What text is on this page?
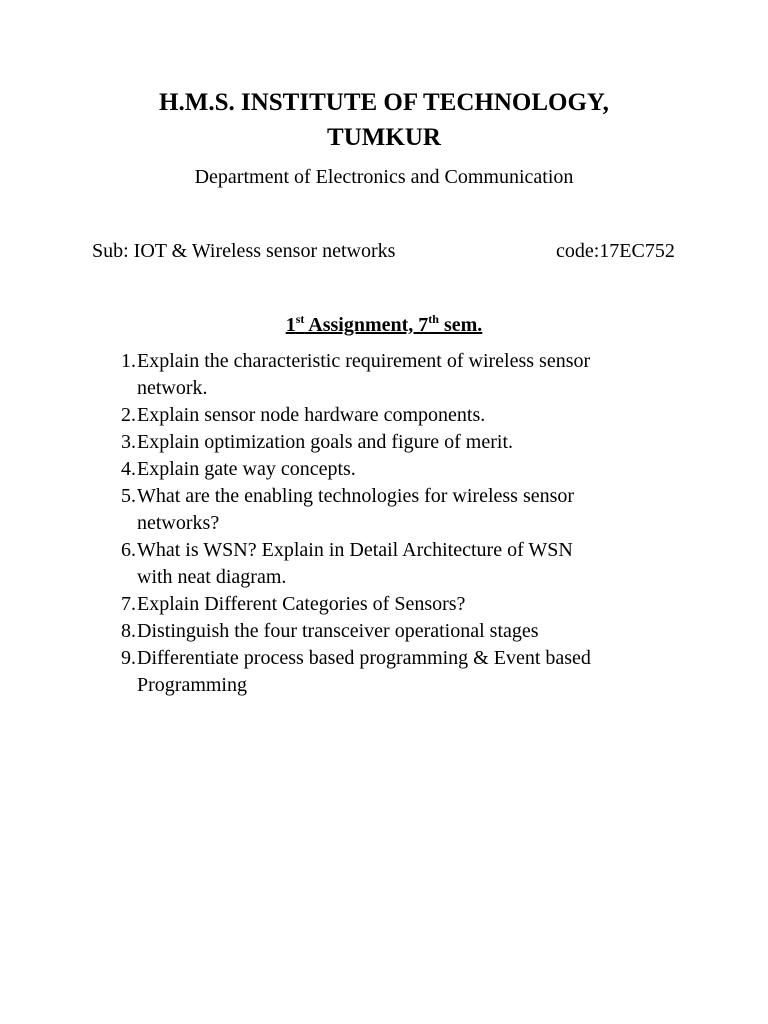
H.M.S. INSTITUTE OF TECHNOLOGY,
TUMKUR
Department of Electronics and Communication
Sub: IOT & Wireless sensor networks	code:17EC752
1st Assignment, 7th sem.
1. Explain the characteristic requirement of wireless sensor
network.
2. Explain sensor node hardware components.
3. Explain optimization goals and figure of merit.
4. Explain gate way concepts.
5. What are the enabling technologies for wireless sensor
networks?
6. What is WSN? Explain in Detail Architecture of WSN
with neat diagram.
7. Explain Different Categories of Sensors?
8. Distinguish the four transceiver operational stages
9. Differentiate process based programming & Event based
Programming
